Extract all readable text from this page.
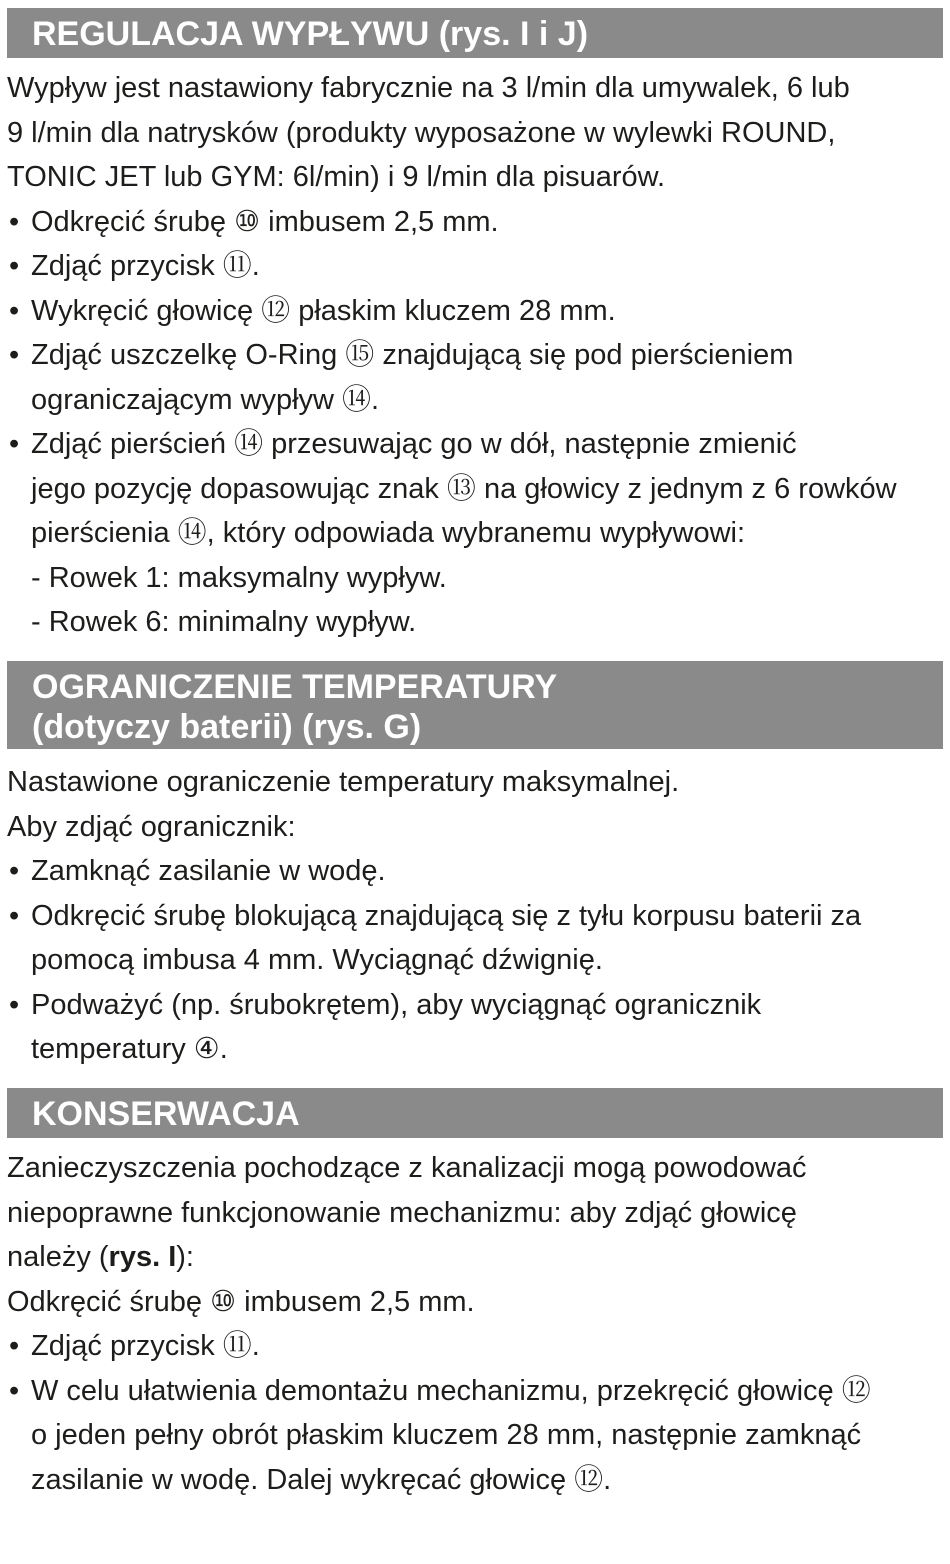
REGULACJA WYPŁYWU (rys. I i J)
Wypływ jest nastawiony fabrycznie na 3 l/min dla umywalek, 6 lub
9 l/min dla natrysków (produkty wyposażone w wylewki ROUND,
TONIC JET lub GYM: 6l/min) i 9 l/min dla pisuarów.
• Odkręcić śrubę ⑩ imbusem 2,5 mm.
• Zdjąć przycisk ⑪.
• Wykręcić głowicę ⑫ płaskim kluczem 28 mm.
• Zdjąć uszczelkę O-Ring ⑮ znajdującą się pod pierścieniem
ograniczającym wypływ ⑭.
• Zdjąć pierścień ⑭ przesuwając go w dół, następnie zmienić
jego pozycję dopasowując znak ⑬ na głowicy z jednym z 6 rowków
pierścienia ⑭, który odpowiada wybranemu wypływowi:
- Rowek 1: maksymalny wypływ.
- Rowek 6: minimalny wypływ.
OGRANICZENIE TEMPERATURY
(dotyczy baterii) (rys. G)
Nastawione ograniczenie temperatury maksymalnej.
Aby zdjąć ogranicznik:
• Zamknąć zasilanie w wodę.
• Odkręcić śrubę blokującą znajdującą się z tyłu korpusu baterii za
pomocą imbusa 4 mm. Wyciągnąć dźwignię.
• Podważyć (np. śrubokrętem), aby wyciągnąć ogranicznik
temperatury ④.
KONSERWACJA
Zanieczyszczenia pochodzące z kanalizacji mogą powodować
niepoprawne funkcjonowanie mechanizmu: aby zdjąć głowicę
należy (rys. I):
Odkręcić śrubę ⑩ imbusem 2,5 mm.
• Zdjąć przycisk ⑪.
• W celu ułatwienia demontażu mechanizmu, przekręcić głowicę ⑫
o jeden pełny obrót płaskim kluczem 28 mm, następnie zamknąć
zasilanie w wodę. Dalej wykręcać głowicę ⑫.
